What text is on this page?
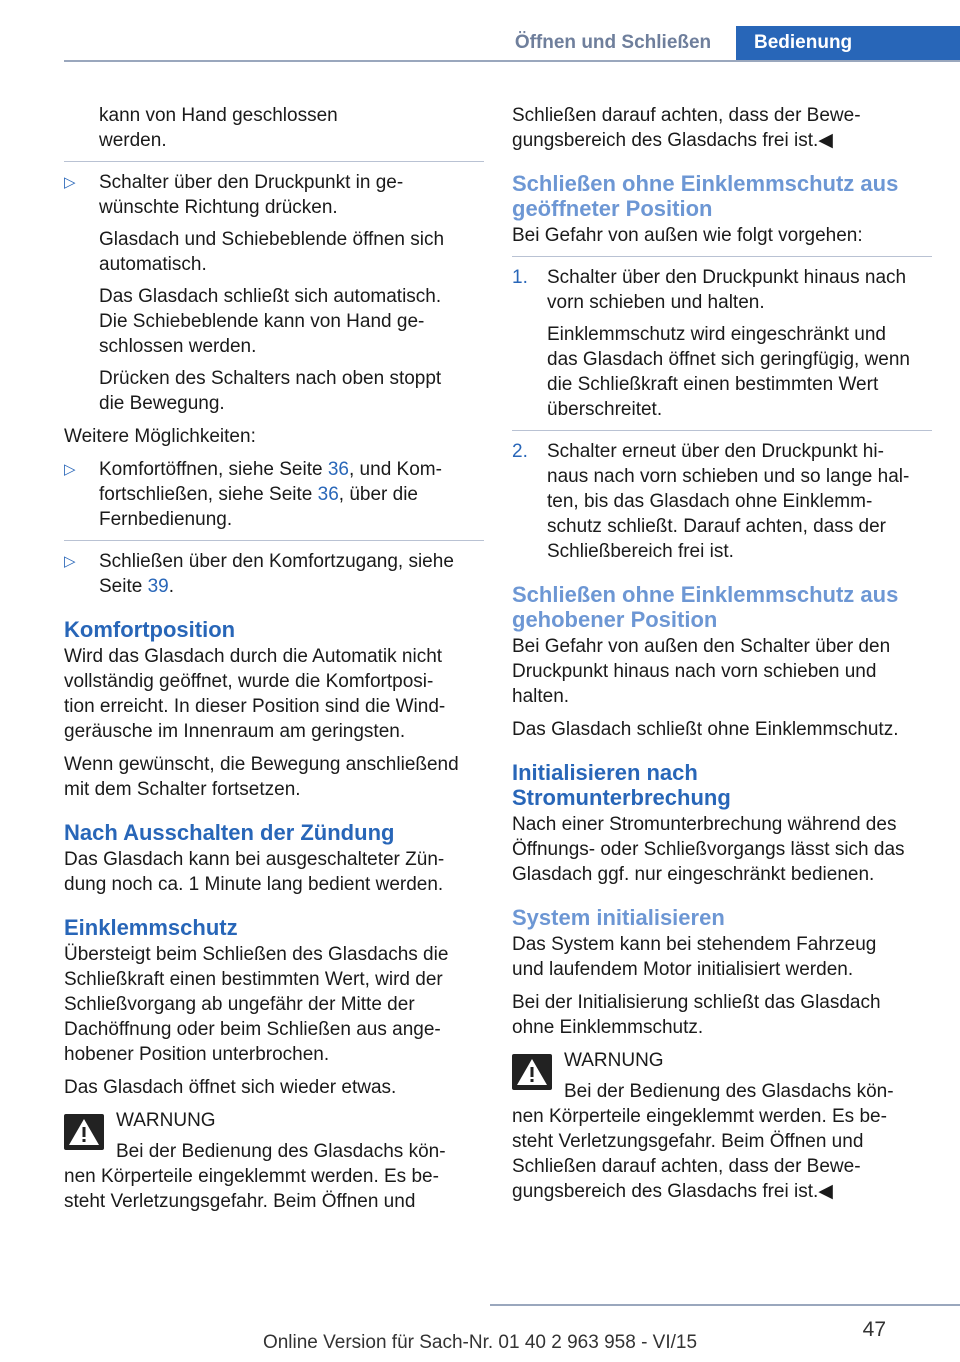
Öffnen und Schließen	Bedienung

kann von Hand geschlossen
werden.

▷ Schalter über den Druckpunkt in ge-
wünschte Richtung drücken.

Glasdach und Schiebeblende öffnen sich
automatisch.

Das Glasdach schließt sich automatisch.
Die Schiebeblende kann von Hand ge-
schlossen werden.

Drücken des Schalters nach oben stoppt
die Bewegung.

Weitere Möglichkeiten:

▷ Komfortöffnen, siehe Seite 36, und Kom-
fortschließen, siehe Seite 36, über die
Fernbedienung.

▷ Schließen über den Komfortzugang, siehe
Seite 39.

Komfortposition

Wird das Glasdach durch die Automatik nicht
vollständig geöffnet, wurde die Komfortposi-
tion erreicht. In dieser Position sind die Wind-
geräusche im Innenraum am geringsten.

Wenn gewünscht, die Bewegung anschließend
mit dem Schalter fortsetzen.

Nach Ausschalten der Zündung

Das Glasdach kann bei ausgeschalteter Zün-
dung noch ca. 1 Minute lang bedient werden.

Einklemmschutz

Übersteigt beim Schließen des Glasdachs die
Schließkraft einen bestimmten Wert, wird der
Schließvorgang ab ungefähr der Mitte der
Dachöffnung oder beim Schließen aus ange-
hobener Position unterbrochen.

Das Glasdach öffnet sich wieder etwas.

WARNUNG

Bei der Bedienung des Glasdachs kön-

nen Körperteile eingeklemmt werden. Es be-
steht Verletzungsgefahr. Beim Öffnen und

Schließen darauf achten, dass der Bewe-
gungsbereich des Glasdachs frei ist.◀

Schließen ohne Einklemmschutz aus
geöffneter Position

Bei Gefahr von außen wie folgt vorgehen:

1. Schalter über den Druckpunkt hinaus nach
vorn schieben und halten.

Einklemmschutz wird eingeschränkt und
das Glasdach öffnet sich geringfügig, wenn
die Schließkraft einen bestimmten Wert
überschreitet.

2. Schalter erneut über den Druckpunkt hi-
naus nach vorn schieben und so lange hal-
ten, bis das Glasdach ohne Einklemm-
schutz schließt. Darauf achten, dass der
Schließbereich frei ist.

Schließen ohne Einklemmschutz aus
gehobener Position

Bei Gefahr von außen den Schalter über den
Druckpunkt hinaus nach vorn schieben und
halten.

Das Glasdach schließt ohne Einklemmschutz.

Initialisieren nach
Stromunterbrechung

Nach einer Stromunterbrechung während des
Öffnungs- oder Schließvorgangs lässt sich das
Glasdach ggf. nur eingeschränkt bedienen.

System initialisieren

Das System kann bei stehendem Fahrzeug
und laufendem Motor initialisiert werden.

Bei der Initialisierung schließt das Glasdach
ohne Einklemmschutz.

WARNUNG

Bei der Bedienung des Glasdachs kön-

nen Körperteile eingeklemmt werden. Es be-
steht Verletzungsgefahr. Beim Öffnen und
Schließen darauf achten, dass der Bewe-
gungsbereich des Glasdachs frei ist.◀

47
Online Version für Sach-Nr. 01 40 2 963 958 - VI/15
